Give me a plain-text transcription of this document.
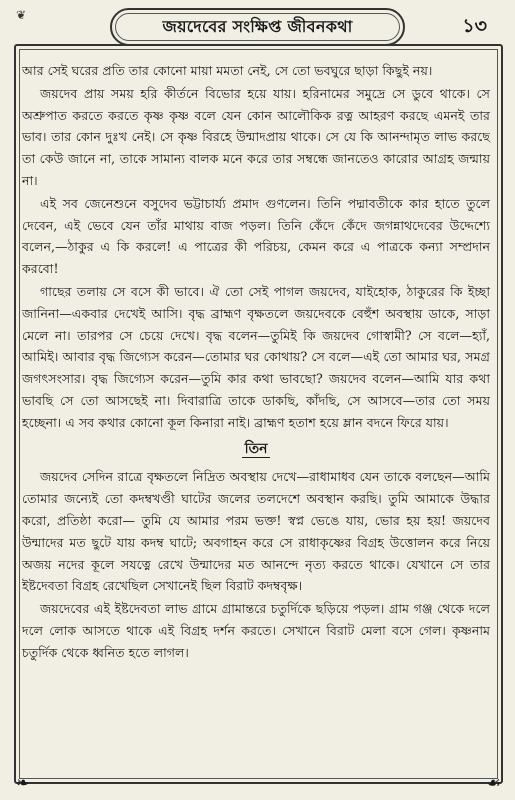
❦
জয়দেবের সংক্ষিপ্ত জীবনকথা	১৩

আর সেই ঘরের প্রতি তার কোনো মায়া মমতা নেই, সে তো ভবঘুরে ছাড়া কিছুই নয়।

জয়দেব প্রায় সময় হরি কীর্তনে বিভোর হয়ে যায়। হরিনামের সমুদ্রে সে ডুবে থাকে। সে অশ্রুপাত করতে করতে কৃষ্ণ কৃষ্ণ বলে যেন কোন আলৌকিক রত্ন আহরণ করছে এমনই তার ভাব। তার কোন দুঃখ নেই। সে কৃষ্ণ বিরহে উন্মাদপ্রায় থাকে। সে যে কি আনন্দামৃত লাভ করছে তা কেউ জানে না, তাকে সামান্য বালক মনে করে তার সম্বন্ধে জানতেও কারোর আগ্রহ জন্মায় না।

এই সব জেনেশুনে বসুদেব ভট্টাচার্য্য প্রমাদ গুণলেন। তিনি পদ্মাবতীকে কার হাতে তুলে দেবেন, এই ভেবে যেন তাঁর মাথায় বাজ পড়ল। তিনি কেঁদে কেঁদে জগন্নাথদেবের উদ্দেশ্যে বলেন,—ঠাকুর এ কি করলে! এ পাত্রের কী পরিচয়, কেমন করে এ পাত্রকে কন্যা সম্প্রদান করবো!

গাছের তলায় সে বসে কী ভাবে। ঐ তো সেই পাগল জয়দেব, যাইহোক, ঠাকুরের কি ইচ্ছা জানিনা—একবার দেখেই আসি। বৃদ্ধ ব্রাহ্মণ বৃক্ষতলে জয়দেবকে বেহুঁশ অবস্থায় ডাকে, সাড়া মেলে না। তারপর সে চেয়ে দেখে। বৃদ্ধ বলেন—তুমিই কি জয়দেব গোস্বামী? সে বলে—হ্যাঁ, আমিই। আবার বৃদ্ধ জিগ্যেস করেন—তোমার ঘর কোথায়? সে বলে—এই তো আমার ঘর, সমগ্র জগৎসংসার। বৃদ্ধ জিগ্যেস করেন—তুমি কার কথা ভাবছো? জয়দেব বলেন—আমি যার কথা ভাবছি সে তো আসছেই না। দিবারাত্রি তাকে ডাকছি, কাঁদছি, সে আসবে—তার তো সময় হচ্ছেনা। এ সব কথার কোনো কূল কিনারা নাই। ব্রাহ্মণ হতাশ হয়ে ম্লান বদনে ফিরে যায়।

তিন

জয়দেব সেদিন রাত্রে বৃক্ষতলে নিদ্রিত অবস্থায় দেখে—রাধামাধব যেন তাকে বলছেন—আমি তোমার জন্যেই তো কদম্বখণ্ডী ঘাটের জলের তলদেশে অবস্থান করছি। তুমি আমাকে উদ্ধার করো, প্রতিষ্ঠা করো— তুমি যে আমার পরম ভক্ত! স্বপ্ন ভেঙে যায়, ভোর হয় হয়! জয়দেব উন্মাদের মত ছুটে যায় কদম্ব ঘাটে; অবগাহন করে সে রাধাকৃষ্ণের বিগ্রহ উত্তোলন করে নিয়ে অজয় নদের কূলে সযত্নে রেখে উন্মাদের মত আনন্দে নৃত্য করতে থাকে। যেখানে সে তার ইষ্টদেবতা বিগ্রহ রেখেছিল সেখানেই ছিল বিরাট কদম্ববৃক্ষ।

জয়দেবের এই ইষ্টদেবতা লাভ গ্রামে গ্রামান্তরে চতুর্দিকে ছড়িয়ে পড়ল। গ্রাম গঞ্জ থেকে দলে দলে লোক আসতে থাকে এই বিগ্রহ দর্শন করতে। সেখানে বিরাট মেলা বসে গেল। কৃষ্ণনাম চতুর্দিক থেকে ধ্বনিত হতে লাগল।

❧	☙
